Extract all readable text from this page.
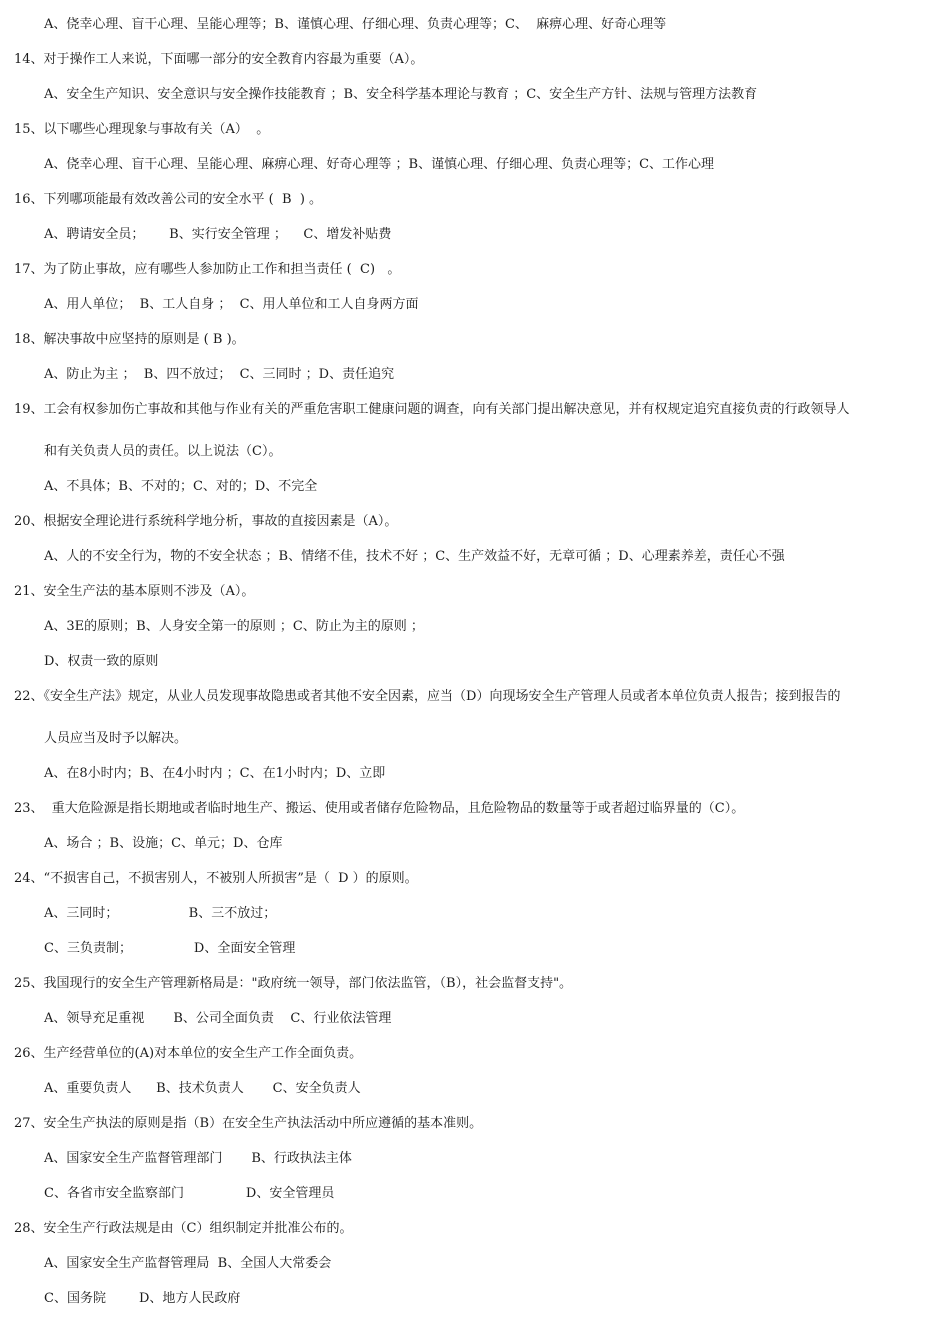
A、侥幸心理、盲干心理、呈能心理等；B、谨慎心理、仔细心理、负责心理等；C、  麻痹心理、好奇心理等
14、对于操作工人来说，下面哪一部分的安全教育内容最为重要（A）。
A、安全生产知识、安全意识与安全操作技能教育 ；B、安全科学基本理论与教育 ；C、安全生产方针、法规与管理方法教育
15、以下哪些心理现象与事故有关（A）  。
A、侥幸心理、盲干心理、呈能心理、麻痹心理、好奇心理等 ；B、谨慎心理、仔细心理、负责心理等；C、工作心理
16、下列哪项能最有效改善公司的安全水平 (  B  ) 。
A、聘请安全员；      B、实行安全管理 ；    C、增发补贴费
17、为了防止事故，应有哪些人参加防止工作和担当责任 (  C)   。
A、用人单位；  B、工人自身 ；  C、用人单位和工人自身两方面
18、解决事故中应坚持的原则是 ( B )。
A、防止为主 ；  B、四不放过；  C、三同时 ；D、责任追究
19、工会有权参加伤亡事故和其他与作业有关的严重危害职工健康问题的调查，向有关部门提出解决意见，并有权规定追究直接负责的行政领导人
和有关负责人员的责任。以上说法（C）。
A、不具体；B、不对的；C、对的；D、不完全
20、根据安全理论进行系统科学地分析，事故的直接因素是（A）。
A、人的不安全行为，物的不安全状态 ；B、情绪不佳，技术不好 ；C、生产效益不好，无章可循 ；D、心理素养差，责任心不强
21、安全生产法的基本原则不涉及（A）。
A、3E的原则；B、人身安全第一的原则 ；C、防止为主的原则 ；
D、权责一致的原则
22、《安全生产法》规定，从业人员发现事故隐患或者其他不安全因素，应当（D）向现场安全生产管理人员或者本单位负责人报告；接到报告的
人员应当及时予以解决。
A、在8小时内；B、在4小时内 ；C、在1小时内；D、立即
23、  重大危险源是指长期地或者临时地生产、搬运、使用或者储存危险物品，且危险物品的数量等于或者超过临界量的（C）。
A、场合 ；B、设施；C、单元；D、仓库
24、“不损害自己，不损害别人，不被别人所损害”是（  D ）的原则。
A、三同时；                 B、三不放过；
C、三负责制；               D、全面安全管理
25、我国现行的安全生产管理新格局是："政府统一领导，部门依法监管，（B），社会监督支持"。
A、领导充足重视       B、公司全面负责    C、行业依法管理
26、生产经营单位的(A)对本单位的安全生产工作全面负责。
A、重要负责人      B、技术负责人       C、安全负责人
27、安全生产执法的原则是指（B）在安全生产执法活动中所应遵循的基本准则。
A、国家安全生产监督管理部门       B、行政执法主体
C、各省市安全监察部门               D、安全管理员
28、安全生产行政法规是由（C）组织制定并批准公布的。
A、国家安全生产监督管理局  B、全国人大常委会
C、国务院        D、地方人民政府
